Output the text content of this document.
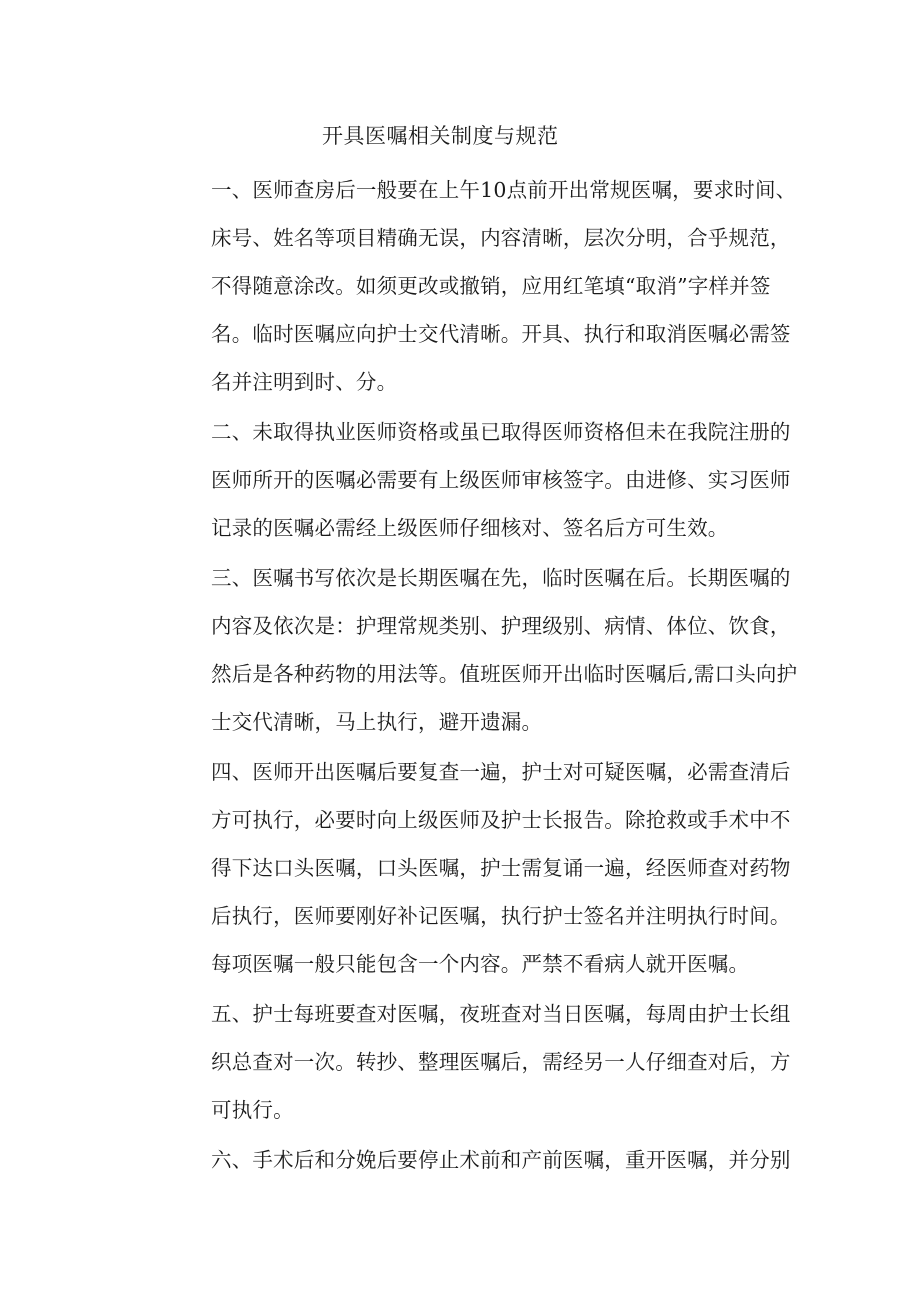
开具医嘱相关制度与规范
一、医师查房后一般要在上午10点前开出常规医嘱，要求时间、
床号、姓名等项目精确无误，内容清晰，层次分明，合乎规范，
不得随意涂改。如须更改或撤销，应用红笔填“取消”字样并签
名。临时医嘱应向护士交代清晰。开具、执行和取消医嘱必需签
名并注明到时、分。
二、未取得执业医师资格或虽已取得医师资格但未在我院注册的
医师所开的医嘱必需要有上级医师审核签字。由进修、实习医师
记录的医嘱必需经上级医师仔细核对、签名后方可生效。
三、医嘱书写依次是长期医嘱在先，临时医嘱在后。长期医嘱的
内容及依次是：护理常规类别、护理级别、病情、体位、饮食，
然后是各种药物的用法等。值班医师开出临时医嘱后,需口头向护
士交代清晰，马上执行，避开遗漏。
四、医师开出医嘱后要复查一遍，护士对可疑医嘱，必需查清后
方可执行，必要时向上级医师及护士长报告。除抢救或手术中不
得下达口头医嘱，口头医嘱，护士需复诵一遍，经医师查对药物
后执行，医师要刚好补记医嘱，执行护士签名并注明执行时间。
每项医嘱一般只能包含一个内容。严禁不看病人就开医嘱。
五、护士每班要查对医嘱，夜班查对当日医嘱，每周由护士长组
织总查对一次。转抄、整理医嘱后，需经另一人仔细查对后，方
可执行。
六、手术后和分娩后要停止术前和产前医嘱，重开医嘱，并分别
